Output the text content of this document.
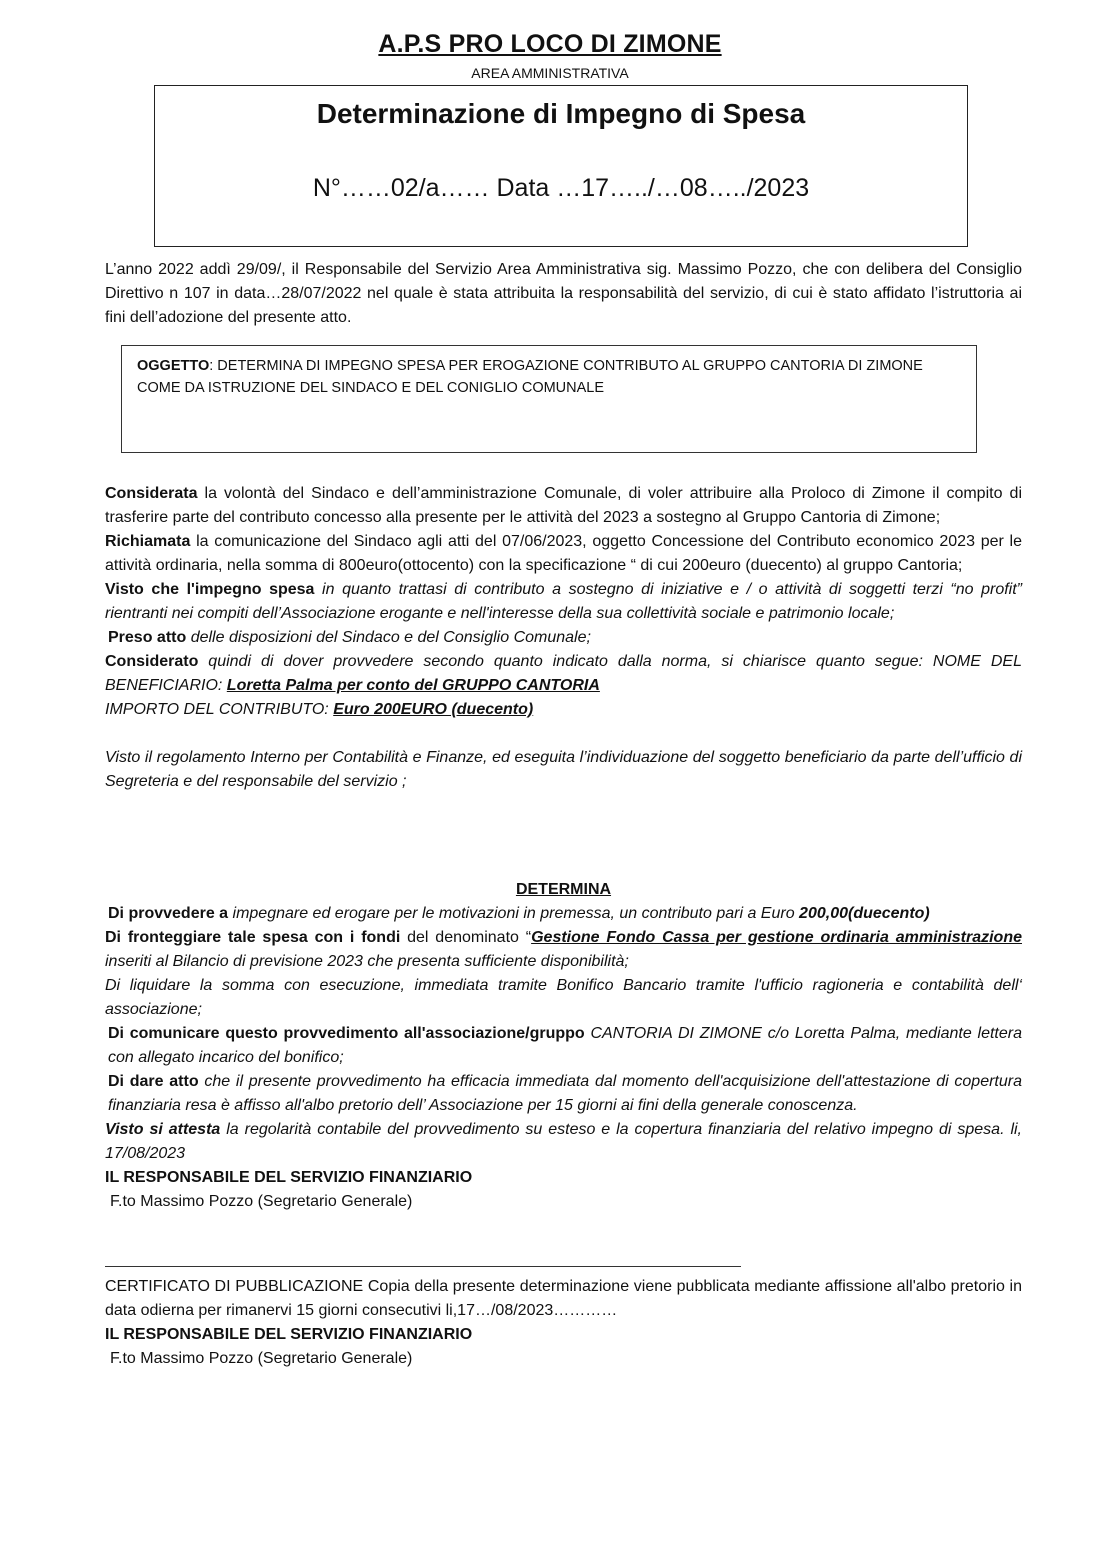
A.P.S PRO LOCO DI ZIMONE
AREA AMMINISTRATIVA
Determinazione di Impegno di Spesa
N°……02/a…… Data …17…../…08…../2023

L’anno 2022 addì 29/09/, il Responsabile del Servizio Area Amministrativa sig. Massimo Pozzo, che con delibera del Consiglio Direttivo n 107 in data…28/07/2022 nel quale è stata attribuita la responsabilità del servizio, di cui è stato affidato l’istruttoria ai fini dell’adozione del presente atto.

OGGETTO: DETERMINA DI IMPEGNO SPESA PER EROGAZIONE CONTRIBUTO AL GRUPPO CANTORIA DI ZIMONE COME DA ISTRUZIONE DEL SINDACO E DEL CONIGLIO COMUNALE

Considerata la volontà del Sindaco e dell’amministrazione Comunale, di voler attribuire alla Proloco di Zimone il compito di trasferire parte del contributo concesso alla presente per le attività del 2023 a sostegno al Gruppo Cantoria di Zimone;

Richiamata la comunicazione del Sindaco agli atti del 07/06/2023, oggetto Concessione del Contributo economico 2023 per le attività ordinaria, nella somma di 800euro(ottocento) con la specificazione “ di cui 200euro (duecento) al gruppo Cantoria;

Visto che l'impegno spesa in quanto trattasi di contributo a sostegno di iniziative e / o attività di soggetti terzi “no profit” rientranti nei compiti dell’Associazione erogante e nell'interesse della sua collettività sociale e patrimonio locale;

Preso atto delle disposizioni del Sindaco e del Consiglio Comunale;

Considerato quindi di dover provvedere secondo quanto indicato dalla norma, si chiarisce quanto segue: NOME DEL BENEFICIARIO: Loretta Palma per conto del GRUPPO CANTORIA

IMPORTO DEL CONTRIBUTO: Euro 200EURO (duecento)

Visto il regolamento Interno per Contabilità e Finanze, ed eseguita l’individuazione del soggetto beneficiario da parte dell’ufficio di Segreteria e del responsabile del servizio ;

DETERMINA

Di provvedere a impegnare ed erogare per le motivazioni in premessa, un contributo pari a Euro 200,00(duecento)

Di fronteggiare tale spesa con i fondi del denominato “Gestione Fondo Cassa per gestione ordinaria amministrazione inseriti al Bilancio di previsione 2023 che presenta sufficiente disponibilità;

Di liquidare la somma con esecuzione, immediata tramite Bonifico Bancario tramite l'ufficio ragioneria e contabilità dell‘ associazione;

Di comunicare questo provvedimento all'associazione/gruppo CANTORIA DI ZIMONE c/o Loretta Palma, mediante lettera con allegato incarico del bonifico;

Di dare atto che il presente provvedimento ha efficacia immediata dal momento dell'acquisizione dell'attestazione di copertura finanziaria resa è affisso all'albo pretorio dell’ Associazione per 15 giorni ai fini della generale conoscenza.

Visto si attesta la regolarità contabile del provvedimento su esteso e la copertura finanziaria del relativo impegno di spesa. li, 17/08/2023

IL RESPONSABILE DEL SERVIZIO FINANZIARIO

F.to Massimo Pozzo (Segretario Generale)

CERTIFICATO DI PUBBLICAZIONE Copia della presente determinazione viene pubblicata mediante affissione all'albo pretorio in data odierna per rimanervi 15 giorni consecutivi li,17…/08/2023…………

IL RESPONSABILE DEL SERVIZIO FINANZIARIO

F.to Massimo Pozzo (Segretario Generale)
